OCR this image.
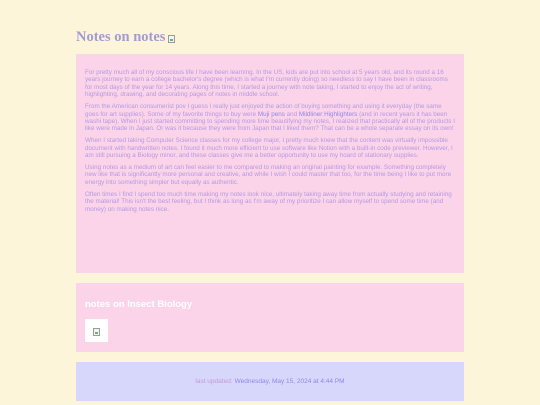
Notes on notes

For pretty much all of my conscious life I have been learning. In the US, kids are put into school at 5 years old, and its round a 16 years journey to earn a college bachelor's degree (which is what I'm currently doing) so needless to say I have been in classrooms for most days of the year for 14 years. Along this time, I started a journey with note taking, I started to enjoy the act of writing, highlighting, drawing, and decorating pages of notes in middle school.

From the American consumerist pov I guess I really just enjoyed the action of buying something and using it everyday (the same goes for art supplies). Some of my favorite things to buy were Muji pens and Mildliner Highlighters (and in recent years it has been washi tape). When I just started committing to spending more time beautifying my notes, I realized that practically all of the products I like were made in Japan. Or was it because they were from Japan that I liked them? That can be a whole separate essay on its own!

When I started taking Computer Science classes for my college major, I pretty much knew that the content was virtually impossible document with handwritten notes. I found it much more efficient to use software like Notion with a built-in code previewer. However, I am still pursuing a Biology minor, and these classes give me a better opportunity to use my hoard of stationary supplies.

Using notes as a medium of art can feel easier to me compared to making an original painting for example. Something completely new like that is significantly more personal and creative, and while I wish I could master that too, for the time being I like to put more energy into something simpler but equally as authentic.

Often times I find I spend too much time making my notes look nice, ultimately taking away time from actually studying and retaining the material! This isn't the best feeling, but I think as long as I'm away of my prioritize I can allow myself to spend some time (and money) on making notes nice.

notes on Insect Biology
last updated: Wednesday, May 15, 2024 at 4:44 PM
